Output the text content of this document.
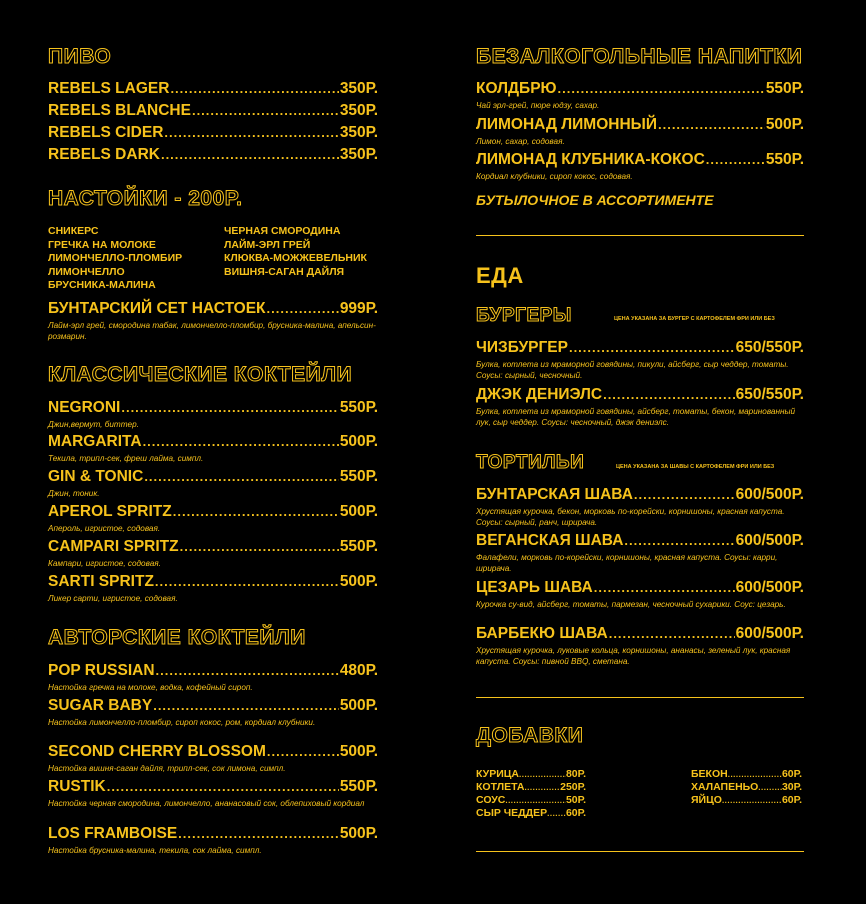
ПИВО
REBELS LAGER .....	350Р.
REBELS BLANCHE .....	350Р.
REBELS CIDER .....	350Р.
REBELS DARK .....	350Р.
НАСТОЙКИ - 200Р.
СНИКЕРС
ГРЕЧКА НА МОЛОКЕ
ЛИМОНЧЕЛЛО-ПЛОМБИР
ЛИМОНЧЕЛЛО
БРУСНИКА-МАЛИНА
ЧЕРНАЯ СМОРОДИНА
ЛАЙМ-ЭРЛ ГРЕЙ
КЛЮКВА-МОЖЖЕВЕЛЬНИК
ВИШНЯ-САГАН ДАЙЛЯ
БУНТАРСКИЙ СЕТ НАСТОЕК .....	999Р.
Лайм-эрл грей, смородина табак, лимончелло-пломбир, брусника-малина, апельсин-розмарин.
КЛАССИЧЕСКИЕ КОКТЕЙЛИ
NEGRONI .....	550Р.
Джин,вермут, биттер.
MARGARITA .....	500Р.
Текила, трипл-сек, фреш лайма, симпл.
GIN & TONIC .....	550Р.
Джин, тоник.
APEROL SPRITZ .....	500Р.
Апероль, игристое, содовая.
CAMPARI SPRITZ .....	550Р.
Кампари, игристое, содовая.
SARTI SPRITZ .....	500Р.
Ликер сарти, игристое, содовая.
АВТОРСКИЕ КОКТЕЙЛИ
POP RUSSIAN .....	480Р.
Настойка гречка на молоке, водка, кофейный сироп.
SUGAR BABY .....	500Р.
Настойка лимончелло-пломбир, сироп кокос, ром, кордиал клубники.
SECOND CHERRY BLOSSOM .....	500Р.
Настойка вишня-саган дайля, трипл-сек, сок лимона, симпл.
RUSTIK .....	550Р.
Настойка черная смородина, лимончелло, ананасовый сок, облепиховый кордиал
LOS FRAMBOISE .....	500Р.
Настойка брусника-малина, текила, сок лайма, симпл.
БЕЗАЛКОГОЛЬНЫЕ НАПИТКИ
КОЛДБРЮ .....	550Р.
Чай эрл-грей, пюре юдзу, сахар.
ЛИМОНАД ЛИМОННЫЙ .....	500Р.
Лимон, сахар, содовая.
ЛИМОНАД КЛУБНИКА-КОКОС .....	550Р.
Кордиал клубники, сироп кокос, содовая.
БУТЫЛОЧНОЕ В АССОРТИМЕНТЕ
ЕДА
БУРГЕРЫ	ЦЕНА УКАЗАНА ЗА БУРГЕР С КАРТОФЕЛЕМ ФРИ ИЛИ БЕЗ
ЧИЗБУРГЕР .....	650/550Р.
Булка, котлета из мраморной говядины, пикули, айсберг, сыр чеддер, томаты. Соусы: сырный, чесночный.
ДЖЭК ДЕНИЭЛС .....	650/550Р.
Булка, котлета из мраморной говядины, айсберг, томаты, бекон, маринованный лук, сыр чеддер. Соусы: чесночный, джэк дениэлс.
ТОРТИЛЬИ	ЦЕНА УКАЗАНА ЗА ШАВЫ С КАРТОФЕЛЕМ ФРИ ИЛИ БЕЗ
БУНТАРСКАЯ ШАВА .....	600/500Р.
Хрустящая курочка, бекон, морковь по-корейски, корнишоны, красная капуста. Соусы: сырный, ранч, шрирача.
ВЕГАНСКАЯ ШАВА .....	600/500Р.
Фалафели, морковь по-корейски, корнишоны, красная капуста. Соусы: карри, шрирача.
ЦЕЗАРЬ ШАВА .....	600/500Р.
Курочка су-вид, айсберг, томаты, пармезан, чесночный сухарики. Соус: цезарь.
БАРБЕКЮ ШАВА .....	600/500Р.
Хрустящая курочка, луковые кольца, корнишоны, ананасы, зеленый лук, красная капуста. Соусы: пивной BBQ, сметана.
ДОБАВКИ
КУРИЦА .....	80Р.
КОТЛЕТА .....	250Р.
СОУС .....	50Р.
СЫР ЧЕДДЕР ..... 60Р.
БЕКОН .....	60Р.
ХАЛАПЕНЬО ..... 30Р.
ЯЙЦО .....	60Р.
